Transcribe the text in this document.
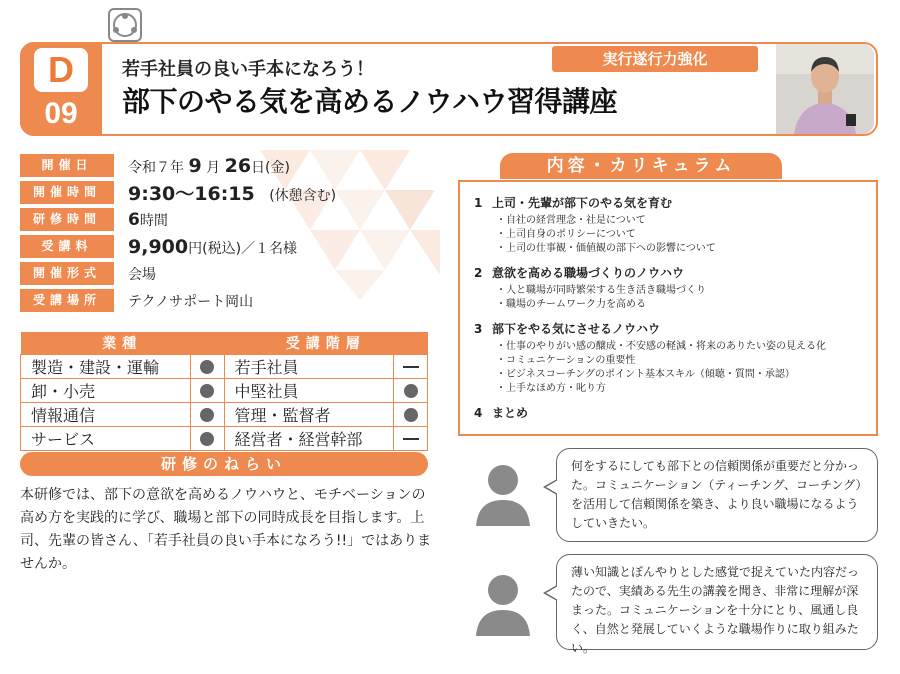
D
09
若手社員の良い手本になろう！
部下のやる気を高めるノウハウ習得講座
実行遂行力強化
開催日	令和７年 9 月 26日(金)
開催時間	9:30～16:15 (休憩含む)
研修時間	6時間
受講料	9,900円(税込)／１名様
開催形式	会場
受講場所	テクノサポート岡山
業種		受講階層	
製造・建設・運輸		若手社員	
卸・小売		中堅社員	
情報通信		管理・監督者	
サービス		経営者・経営幹部	
研修のねらい
本研修では、部下の意欲を高めるノウハウと、モチベーションの高め方を実践的に学び、職場と部下の同時成長を目指します。上司、先輩の皆さん、「若手社員の良い手本になろう!!」ではありませんか。
内容・カリキュラム
1 上司・先輩が部下のやる気を育む
・ 自社の経営理念・社是について
・ 上司自身のポリシーについて
・ 上司の仕事観・価値観の部下への影響について
2 意欲を高める職場づくりのノウハウ
・ 人と職場が同時繁栄する生き活き職場づくり
・ 職場のチームワーク力を高める
3 部下をやる気にさせるノウハウ
・ 仕事のやりがい感の醸成・不安感の軽減・将来のありたい姿の見える化
・ コミュニケーションの重要性
・ ビジネスコーチングのポイント基本スキル（傾聴・質問・承認）
・ 上手なほめ方・叱り方
4 まとめ
何をするにしても部下との信頼関係が重要だと分かった。コミュニケーション（ティーチング、コーチング）を活用して信頼関係を築き、より良い職場になるようしていきたい。
薄い知識とぼんやりとした感覚で捉えていた内容だったので、実績ある先生の講義を聞き、非常に理解が深まった。コミュニケーションを十分にとり、風通し良く、自然と発展していくような職場作りに取り組みたい。
